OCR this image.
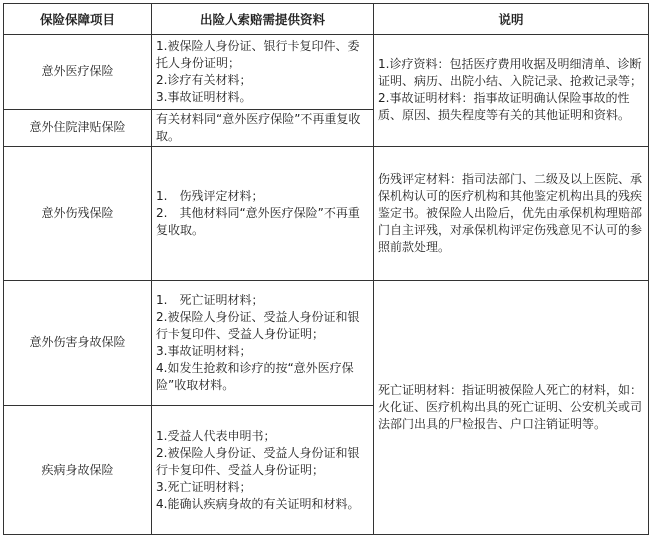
保险保障项目	出险人索赔需提供资料	说明
意外医疗保险	1.被保险人身份证、银行卡复印件、委托人身份证明；
2.诊疗有关材料；
3.事故证明材料。	1.诊疗资料：包括医疗费用收据及明细清单、诊断证明、病历、出院小结、入院记录、抢救记录等；
2.事故证明材料：指事故证明确认保险事故的性质、原因、损失程度等有关的其他证明和资料。

意外住院津贴保险	有关材料同“意外医疗保险”不再重复收取。	

意外伤残保险	1.　伤残评定材料；
2.　其他材料同“意外医疗保险”不再重复收取。	伤残评定材料：指司法部门、二级及以上医院、承保机构认可的医疗机构和其他鉴定机构出具的残疾鉴定书。被保险人出险后，优先由承保机构理赔部门自主评残，对承保机构评定伤残意见不认可的参照前款处理。

意外伤害身故保险	1.　死亡证明材料；
2.被保险人身份证、受益人身份证和银行卡复印件、受益人身份证明；
3.事故证明材料；
4.如发生抢救和诊疗的按“意外医疗保险”收取材料。	死亡证明材料：指证明被保险人死亡的材料，如：火化证、医疗机构出具的死亡证明、公安机关或司法部门出具的尸检报告、户口注销证明等。

疾病身故保险	1.受益人代表申明书；
2.被保险人身份证、受益人身份证和银行卡复印件、受益人身份证明；
3.死亡证明材料；
4.能确认疾病身故的有关证明和材料。	
